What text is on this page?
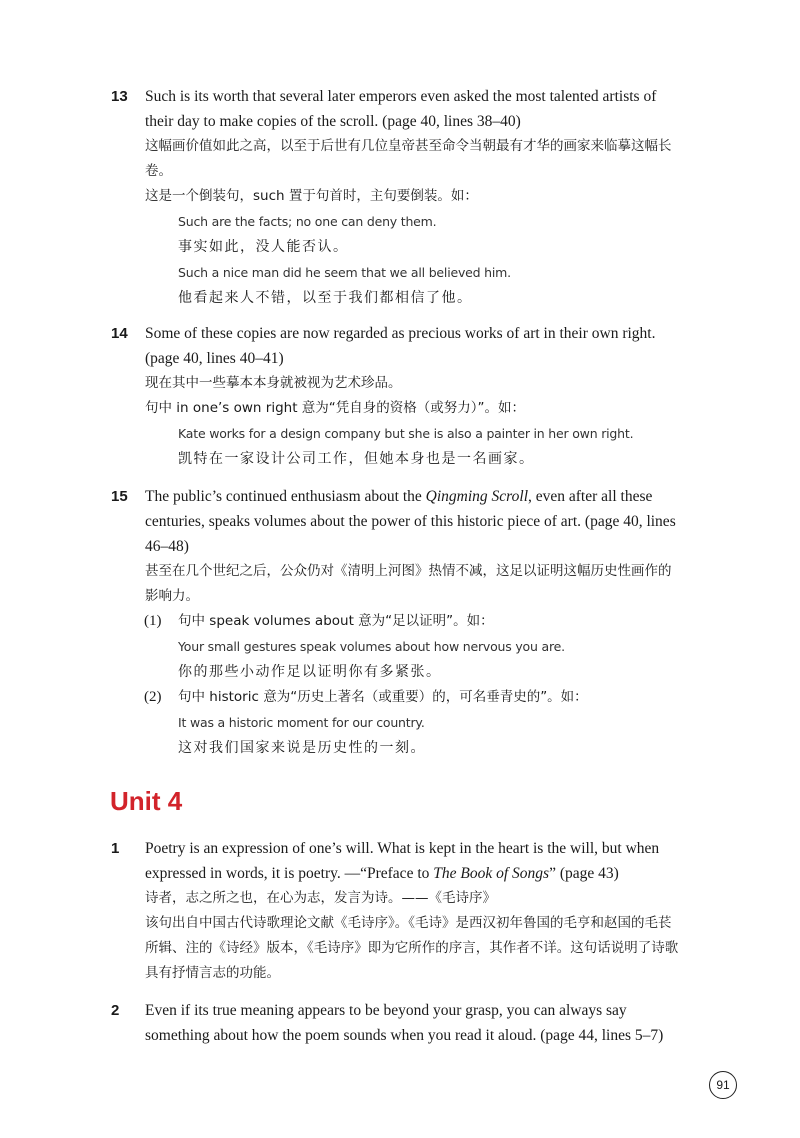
13 Such is its worth that several later emperors even asked the most talented artists of their day to make copies of the scroll. (page 40, lines 38–40)

这幅画价值如此之高，以至于后世有几位皇帝甚至命令当朝最有才华的画家来临摹这幅长卷。

这是一个倒装句，such 置于句首时，主句要倒装。如：

Such are the facts; no one can deny them.

事实如此，没人能否认。

Such a nice man did he seem that we all believed him.

他看起来人不错，以至于我们都相信了他。

14 Some of these copies are now regarded as precious works of art in their own right. (page 40, lines 40–41)

现在其中一些摹本本身就被视为艺术珍品。

句中 in one’s own right 意为“凭自身的资格（或努力）”。如：

Kate works for a design company but she is also a painter in her own right.

凯特在一家设计公司工作，但她本身也是一名画家。

15 The public’s continued enthusiasm about the Qingming Scroll, even after all these centuries, speaks volumes about the power of this historic piece of art. (page 40, lines 46–48)

甚至在几个世纪之后，公众仍对《清明上河图》热情不减，这足以证明这幅历史性画作的影响力。

(1) 句中 speak volumes about 意为“足以证明”。如：

Your small gestures speak volumes about how nervous you are.

你的那些小动作足以证明你有多紧张。

(2) 句中 historic 意为“历史上著名（或重要）的，可名垂青史的”。如：

It was a historic moment for our country.

这对我们国家来说是历史性的一刻。

Unit 4
1 Poetry is an expression of one’s will. What is kept in the heart is the will, but when expressed in words, it is poetry. —“Preface to The Book of Songs” (page 43)

诗者，志之所之也，在心为志，发言为诗。——《毛诗序》

该句出自中国古代诗歌理论文献《毛诗序》。《毛诗》是西汉初年鲁国的毛亨和赵国的毛苌所辑、注的《诗经》版本，《毛诗序》即为它所作的序言，其作者不详。这句话说明了诗歌具有抒情言志的功能。

2 Even if its true meaning appears to be beyond your grasp, you can always say something about how the poem sounds when you read it aloud. (page 44, lines 5–7)

91
